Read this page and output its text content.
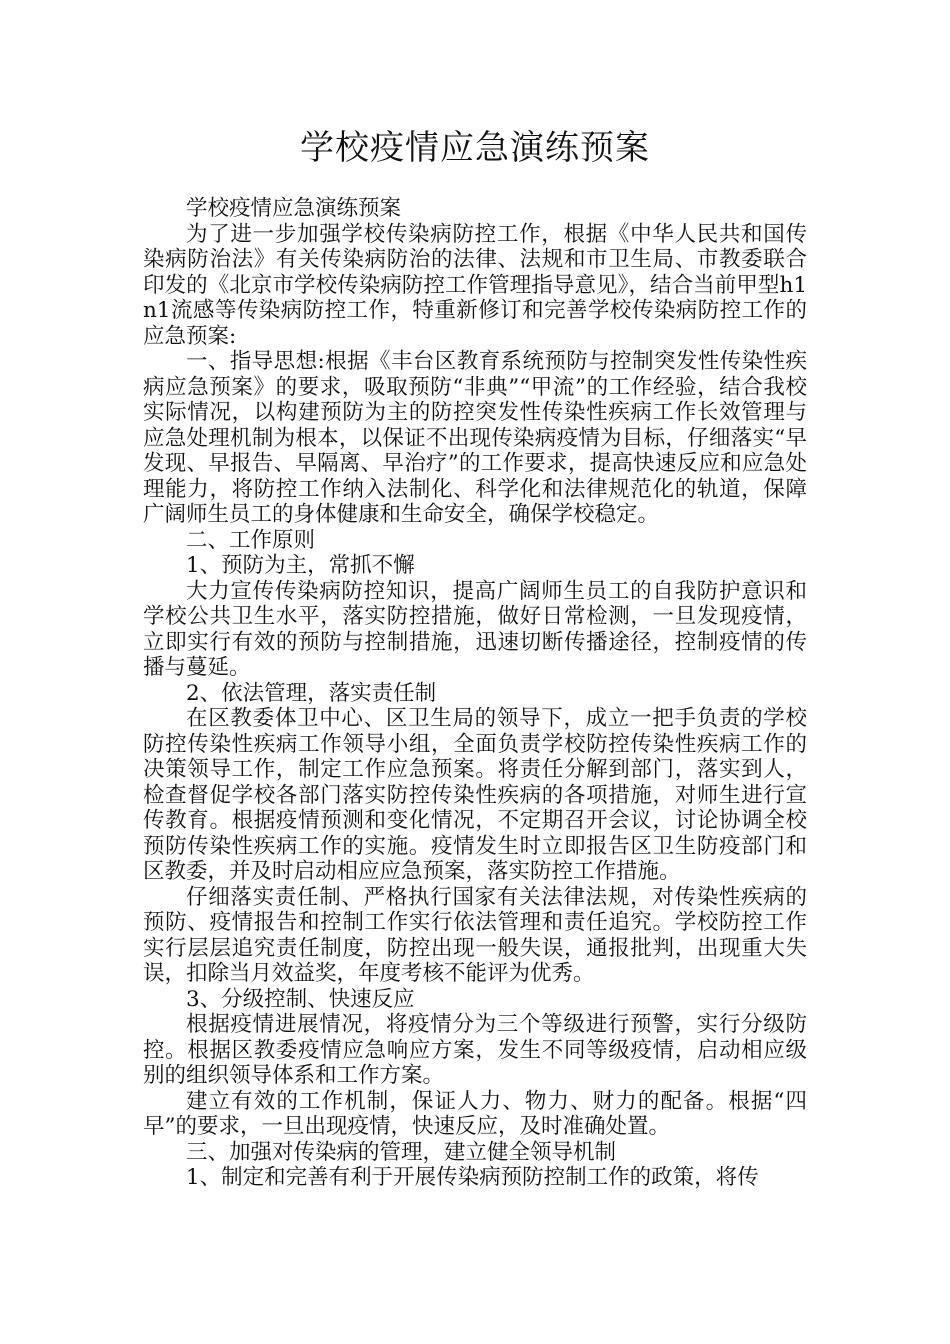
学校疫情应急演练预案

学校疫情应急演练预案

为了进一步加强学校传染病防控工作，根据《中华人民共和国传染病防治法》有关传染病防治的法律、法规和市卫生局、市教委联合印发的《北京市学校传染病防控工作管理指导意见》，结合当前甲型h1n1流感等传染病防控工作，特重新修订和完善学校传染病防控工作的应急预案:

一、指导思想:根据《丰台区教育系统预防与控制突发性传染性疾病应急预案》的要求，吸取预防“非典”“甲流”的工作经验，结合我校实际情况，以构建预防为主的防控突发性传染性疾病工作长效管理与应急处理机制为根本，以保证不出现传染病疫情为目标，仔细落实“早发现、早报告、早隔离、早治疗”的工作要求，提高快速反应和应急处理能力，将防控工作纳入法制化、科学化和法律规范化的轨道，保障广阔师生员工的身体健康和生命安全，确保学校稳定。

二、工作原则

1、预防为主，常抓不懈

大力宣传传染病防控知识，提高广阔师生员工的自我防护意识和学校公共卫生水平，落实防控措施，做好日常检测，一旦发现疫情，立即实行有效的预防与控制措施，迅速切断传播途径，控制疫情的传播与蔓延。

2、依法管理，落实责任制

在区教委体卫中心、区卫生局的领导下，成立一把手负责的学校防控传染性疾病工作领导小组，全面负责学校防控传染性疾病工作的决策领导工作，制定工作应急预案。将责任分解到部门，落实到人，检查督促学校各部门落实防控传染性疾病的各项措施，对师生进行宣传教育。根据疫情预测和变化情况，不定期召开会议，讨论协调全校预防传染性疾病工作的实施。疫情发生时立即报告区卫生防疫部门和区教委，并及时启动相应应急预案，落实防控工作措施。

仔细落实责任制、严格执行国家有关法律法规，对传染性疾病的预防、疫情报告和控制工作实行依法管理和责任追究。学校防控工作实行层层追究责任制度，防控出现一般失误，通报批判，出现重大失误，扣除当月效益奖，年度考核不能评为优秀。

3、分级控制、快速反应

根据疫情进展情况，将疫情分为三个等级进行预警，实行分级防控。根据区教委疫情应急响应方案，发生不同等级疫情，启动相应级别的组织领导体系和工作方案。

建立有效的工作机制，保证人力、物力、财力的配备。根据“四早”的要求，一旦出现疫情，快速反应，及时准确处置。

三、加强对传染病的管理，建立健全领导机制

1、制定和完善有利于开展传染病预防控制工作的政策，将传
